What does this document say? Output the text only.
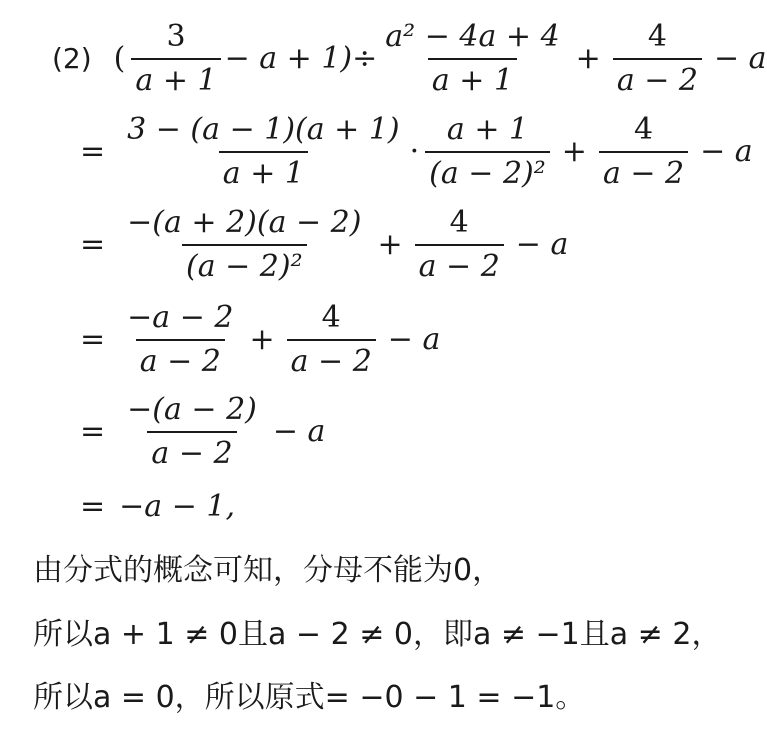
(2) ( $\frac{3}{a + 1} - a + 1)\div \frac{\text{a² − 4a + 4}}{a + 1} + \frac{4}{a - 2} - a$
= $\frac{3 - (a - 1)(a + 1)}{a + 1} \cdot \frac{a + 1}{\text{(a − 2)²}} + \frac{4}{a - 2} - a$
= $\frac{-(a + 2)(a - 2)}{\text{(a − 2)²}} + \frac{4}{a - 2} - a$
= $\frac{-a - 2}{a - 2} + \frac{4}{a - 2} - a$
= $\frac{-(a - 2)}{a - 2} - a$
= −a − 1,
由分式的概念可知，分母不能为0，
所以a + 1 ≠ 0且a − 2 ≠ 0，即a ≠ −1且a ≠ 2，
所以a = 0，所以原式= −0 − 1 = −1。
